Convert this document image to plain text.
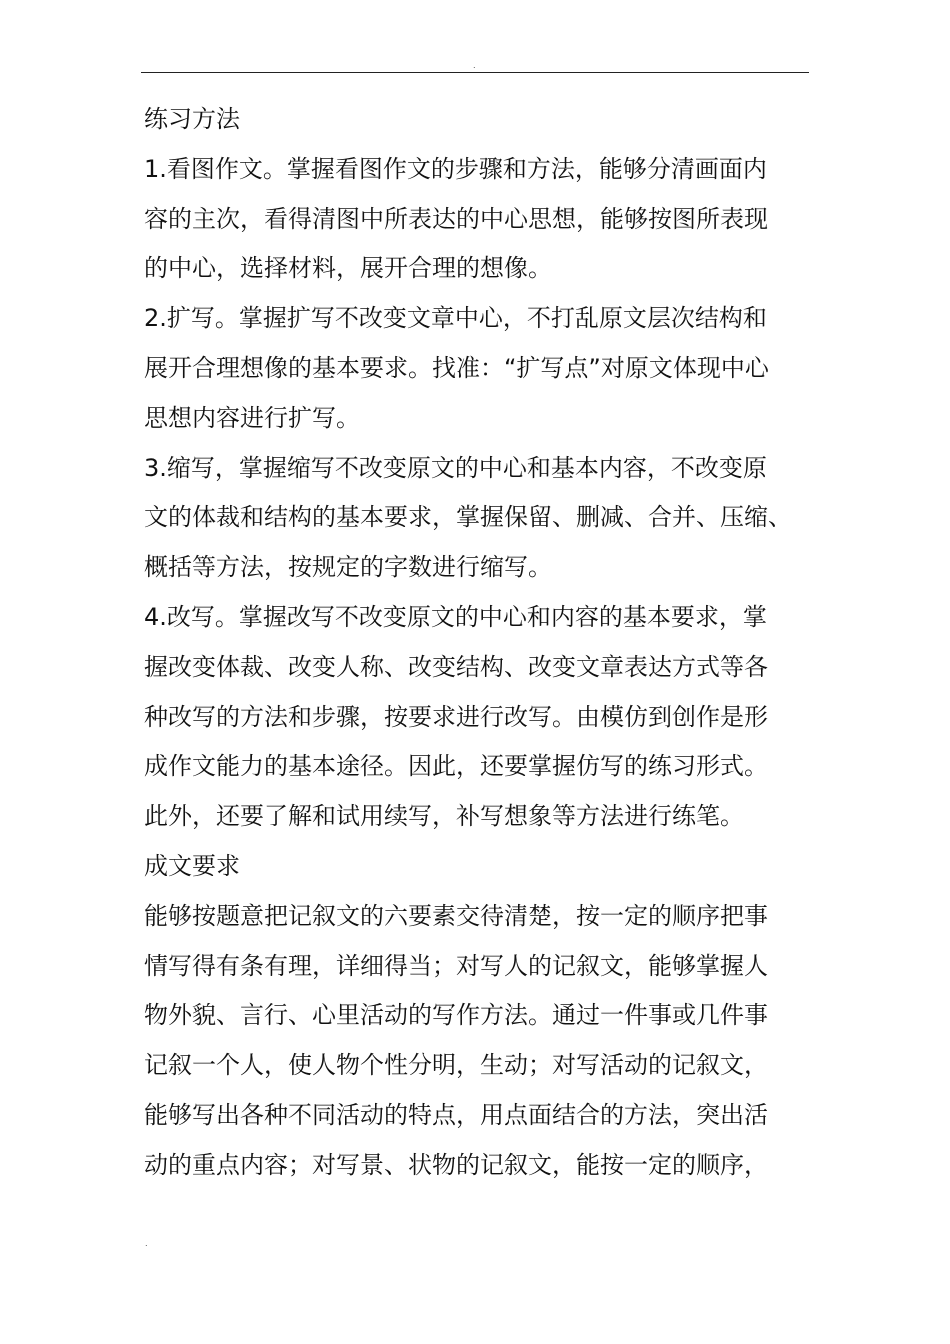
.
练习方法
1.看图作文。掌握看图作文的步骤和方法，能够分清画面内
容的主次，看得清图中所表达的中心思想，能够按图所表现
的中心，选择材料，展开合理的想像。
2.扩写。掌握扩写不改变文章中心，不打乱原文层次结构和
展开合理想像的基本要求。找准：“扩写点”对原文体现中心
思想内容进行扩写。
3.缩写，掌握缩写不改变原文的中心和基本内容，不改变原
文的体裁和结构的基本要求，掌握保留、删减、合并、压缩、
概括等方法，按规定的字数进行缩写。
4.改写。掌握改写不改变原文的中心和内容的基本要求，掌
握改变体裁、改变人称、改变结构、改变文章表达方式等各
种改写的方法和步骤，按要求进行改写。由模仿到创作是形
成作文能力的基本途径。因此，还要掌握仿写的练习形式。
此外，还要了解和试用续写，补写想象等方法进行练笔。
成文要求
能够按题意把记叙文的六要素交待清楚，按一定的顺序把事
情写得有条有理，详细得当；对写人的记叙文，能够掌握人
物外貌、言行、心里活动的写作方法。通过一件事或几件事
记叙一个人，使人物个性分明，生动；对写活动的记叙文，
能够写出各种不同活动的特点，用点面结合的方法，突出活
动的重点内容；对写景、状物的记叙文，能按一定的顺序，
.
